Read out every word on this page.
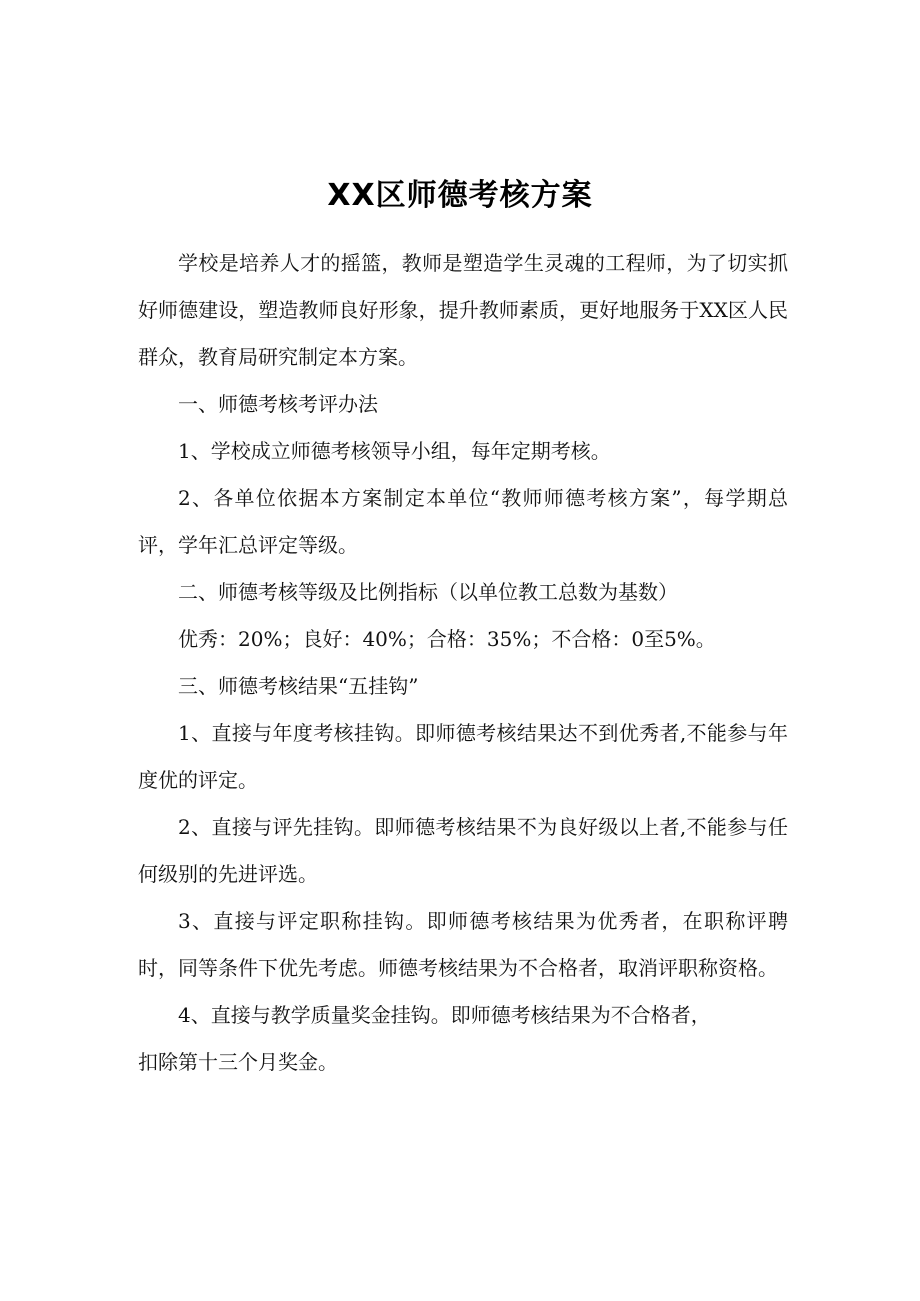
XX区师德考核方案

学校是培养人才的摇篮，教师是塑造学生灵魂的工程师，为了切实抓好师德建设，塑造教师良好形象，提升教师素质，更好地服务于XX区人民群众，教育局研究制定本方案。

一、师德考核考评办法

1、学校成立师德考核领导小组，每年定期考核。

2、各单位依据本方案制定本单位“教师师德考核方案”，每学期总评，学年汇总评定等级。

二、师德考核等级及比例指标（以单位教工总数为基数）

优秀：20%；良好：40%；合格：35%；不合格：0至5%。

三、师德考核结果“五挂钩”

1、直接与年度考核挂钩。即师德考核结果达不到优秀者,不能参与年度优的评定。

2、直接与评先挂钩。即师德考核结果不为良好级以上者,不能参与任何级别的先进评选。

3、直接与评定职称挂钩。即师德考核结果为优秀者，在职称评聘时，同等条件下优先考虑。师德考核结果为不合格者，取消评职称资格。

4、直接与教学质量奖金挂钩。即师德考核结果为不合格者，

扣除第十三个月奖金。
